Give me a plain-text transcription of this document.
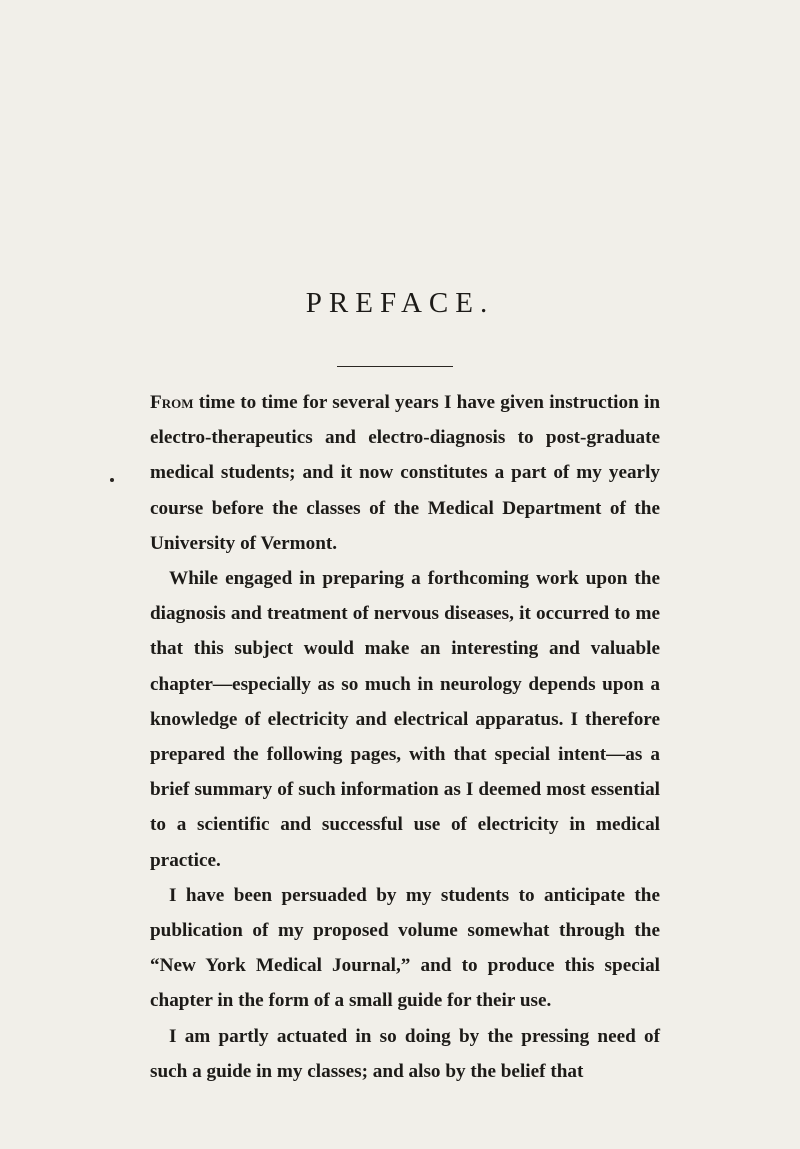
PREFACE.

From time to time for several years I have given instruction in electro-therapeutics and electro-diagnosis to post-graduate medical students; and it now constitutes a part of my yearly course before the classes of the Medical Department of the University of Vermont.

While engaged in preparing a forthcoming work upon the diagnosis and treatment of nervous diseases, it occurred to me that this subject would make an interesting and valuable chapter—especially as so much in neurology depends upon a knowledge of electricity and electrical apparatus. I therefore prepared the following pages, with that special intent—as a brief summary of such information as I deemed most essential to a scientific and successful use of electricity in medical practice.

I have been persuaded by my students to anticipate the publication of my proposed volume somewhat through the “New York Medical Journal,” and to produce this special chapter in the form of a small guide for their use.

I am partly actuated in so doing by the pressing need of such a guide in my classes; and also by the belief that
